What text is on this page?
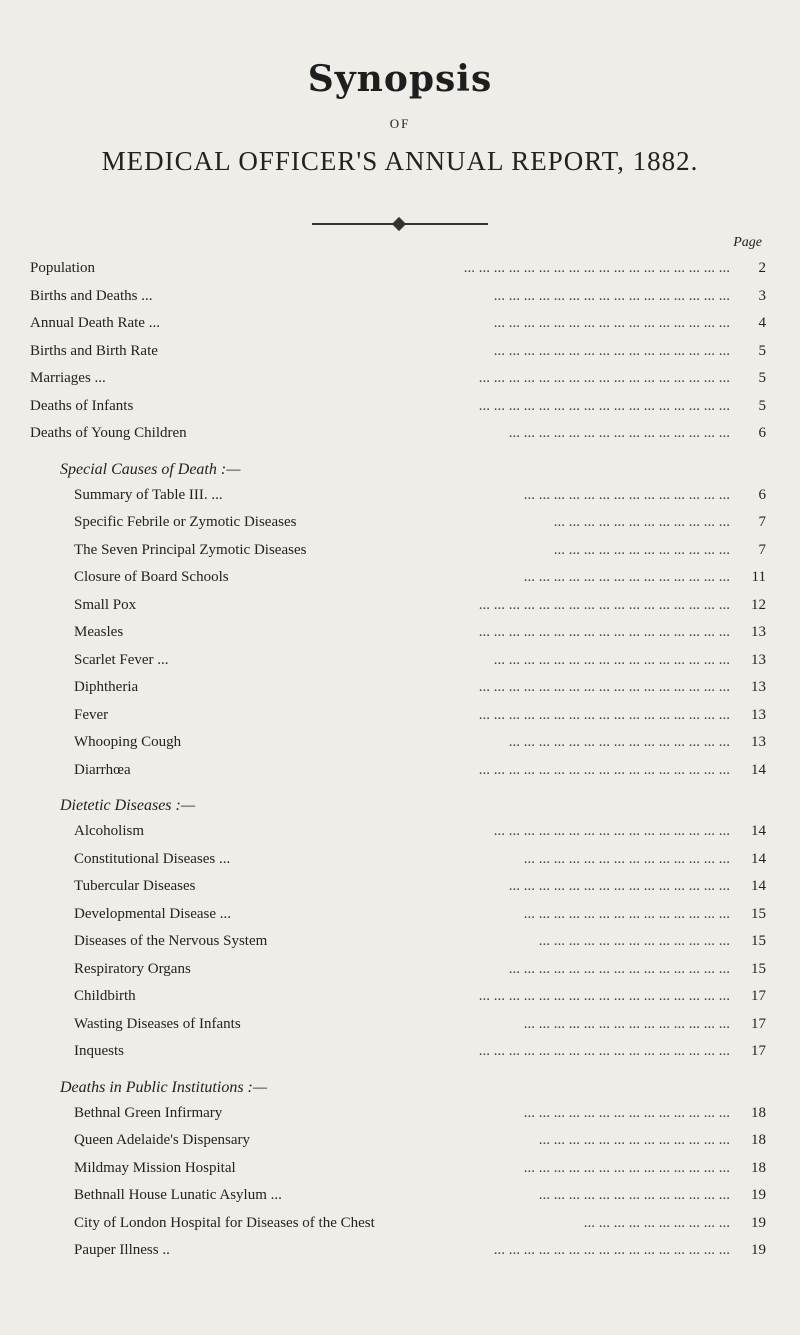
Synopsis
OF
MEDICAL OFFICER'S ANNUAL REPORT, 1882.
Page
Population	... ... ... ... ... ... ... ... ... ... ... ... ... ... ... ... ... ...	2
Births and Deaths ...	... ... ... ... ... ... ... ... ... ... ... ... ... ... ... ...	3
Annual Death Rate ...	... ... ... ... ... ... ... ... ... ... ... ... ... ... ... ...	4
Births and Birth Rate	... ... ... ... ... ... ... ... ... ... ... ... ... ... ... ...	5
Marriages ...	... ... ... ... ... ... ... ... ... ... ... ... ... ... ... ... ...	5
Deaths of Infants	... ... ... ... ... ... ... ... ... ... ... ... ... ... ... ... ...	5
Deaths of Young Children	... ... ... ... ... ... ... ... ... ... ... ... ... ... ...	6
Special Causes of Death :—
Summary of Table III. ...	... ... ... ... ... ... ... ... ... ... ... ... ... ...	6
Specific Febrile or Zymotic Diseases	... ... ... ... ... ... ... ... ... ... ... ...	7
The Seven Principal Zymotic Diseases	... ... ... ... ... ... ... ... ... ... ... ...	7
Closure of Board Schools	... ... ... ... ... ... ... ... ... ... ... ... ... ...	11
Small Pox	... ... ... ... ... ... ... ... ... ... ... ... ... ... ... ... ...	12
Measles	... ... ... ... ... ... ... ... ... ... ... ... ... ... ... ... ...	13
Scarlet Fever ...	... ... ... ... ... ... ... ... ... ... ... ... ... ... ... ...	13
Diphtheria	... ... ... ... ... ... ... ... ... ... ... ... ... ... ... ... ...	13
Fever	... ... ... ... ... ... ... ... ... ... ... ... ... ... ... ... ...	13
Whooping Cough	... ... ... ... ... ... ... ... ... ... ... ... ... ... ...	13
Diarrhœa	... ... ... ... ... ... ... ... ... ... ... ... ... ... ... ... ...	14
Dietetic Diseases :—
Alcoholism	... ... ... ... ... ... ... ... ... ... ... ... ... ... ... ...	14
Constitutional Diseases ...	... ... ... ... ... ... ... ... ... ... ... ... ... ...	14
Tubercular Diseases	... ... ... ... ... ... ... ... ... ... ... ... ... ... ...	14
Developmental Disease ...	... ... ... ... ... ... ... ... ... ... ... ... ... ...	15
Diseases of the Nervous System	... ... ... ... ... ... ... ... ... ... ... ... ...	15
Respiratory Organs	... ... ... ... ... ... ... ... ... ... ... ... ... ... ...	15
Childbirth	... ... ... ... ... ... ... ... ... ... ... ... ... ... ... ... ...	17
Wasting Diseases of Infants	... ... ... ... ... ... ... ... ... ... ... ... ... ...	17
Inquests	... ... ... ... ... ... ... ... ... ... ... ... ... ... ... ... ...	17
Deaths in Public Institutions :—
Bethnal Green Infirmary	... ... ... ... ... ... ... ... ... ... ... ... ... ...	18
Queen Adelaide's Dispensary	... ... ... ... ... ... ... ... ... ... ... ... ...	18
Mildmay Mission Hospital	... ... ... ... ... ... ... ... ... ... ... ... ... ...	18
Bethnall House Lunatic Asylum ...	... ... ... ... ... ... ... ... ... ... ... ... ...	19
City of London Hospital for Diseases of the Chest	... ... ... ... ... ... ... ... ... ...	19
Pauper Illness ..	... ... ... ... ... ... ... ... ... ... ... ... ... ... ... ...	19
